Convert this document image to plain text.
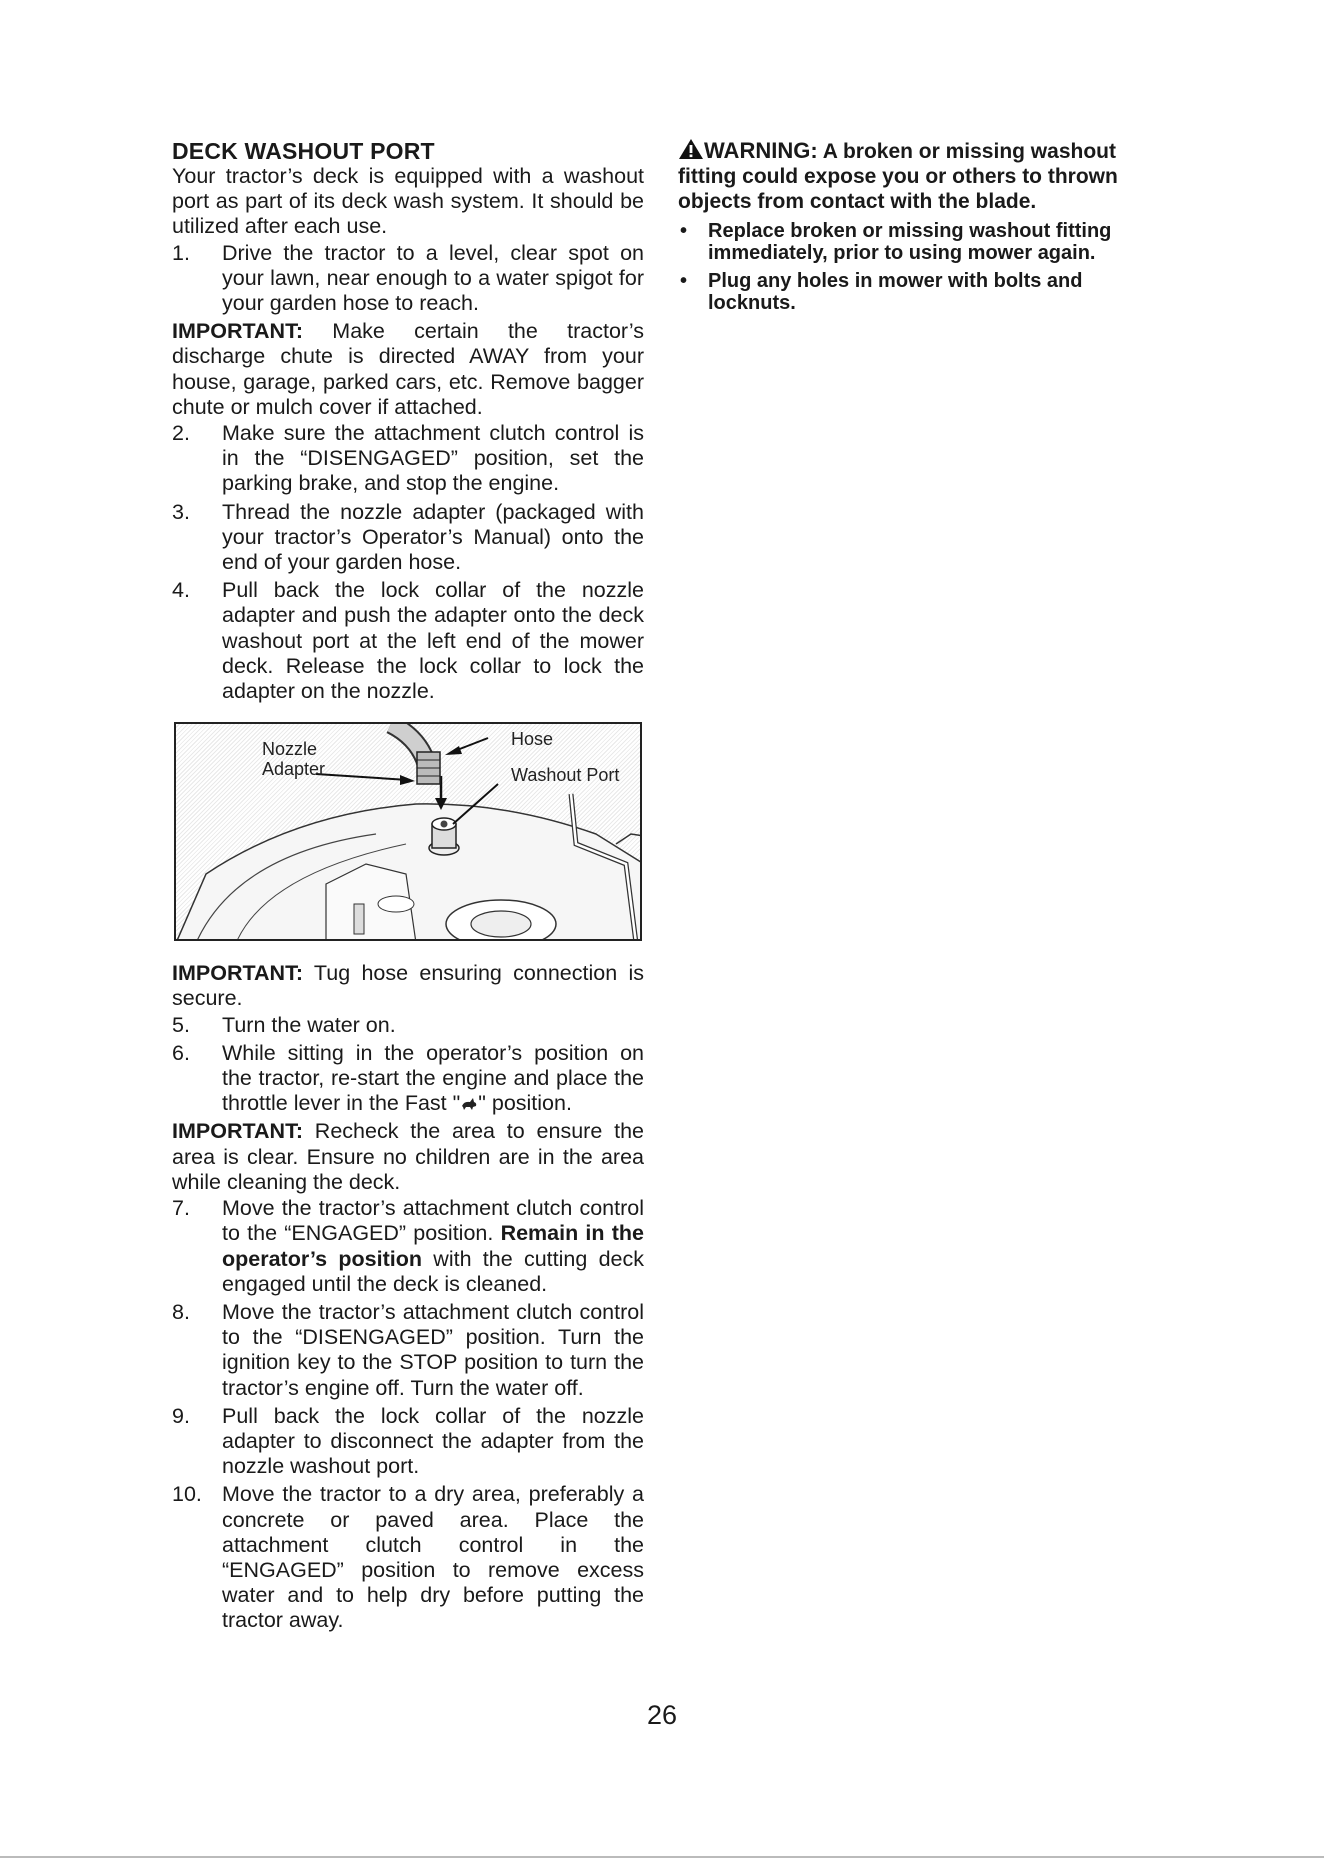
DECK WASHOUT PORT

Your tractor’s deck is equipped with a washout port as part of its deck wash system. It should be utilized after each use.

1. Drive the tractor to a level, clear spot on your lawn, near enough to a water spigot for your garden hose to reach.

IMPORTANT: Make certain the tractor’s discharge chute is directed AWAY from your house, garage, parked cars, etc. Remove bagger chute or mulch cover if attached.

2. Make sure the attachment clutch control is in the “DISENGAGED” position, set the parking brake, and stop the engine.
3. Thread the nozzle adapter (packaged with your tractor’s Operator’s Manual) onto the end of your garden hose.
4. Pull back the lock collar of the nozzle adapter and push the adapter onto the deck washout port at the left end of the mower deck. Release the lock collar to lock the adapter on the nozzle.
Nozzle
Adapter
Hose
Washout Port

IMPORTANT: Tug hose ensuring connection is secure.

5. Turn the water on.
6. While sitting in the operator’s position on the tractor, re-start the engine and place the throttle lever in the Fast " " position.

IMPORTANT: Recheck the area to ensure the area is clear. Ensure no children are in the area while cleaning the deck.

7. Move the tractor’s attachment clutch control to the “ENGAGED” position. Remain in the operator’s position with the cutting deck engaged until the deck is cleaned.
8. Move the tractor’s attachment clutch control to the “DISENGAGED” position. Turn the ignition key to the STOP position to turn the tractor’s engine off. Turn the water off.
9. Pull back the lock collar of the nozzle adapter to disconnect the adapter from the nozzle washout port.
10. Move the tractor to a dry area, preferably a concrete or paved area. Place the attachment clutch control in the “ENGAGED” position to remove excess water and to help dry before putting the tractor away.

WARNING: A broken or missing washout fitting could expose you or others to thrown objects from contact with the blade.

• Replace broken or missing washout fitting immediately, prior to using mower again.
• Plug any holes in mower with bolts and locknuts.
26
